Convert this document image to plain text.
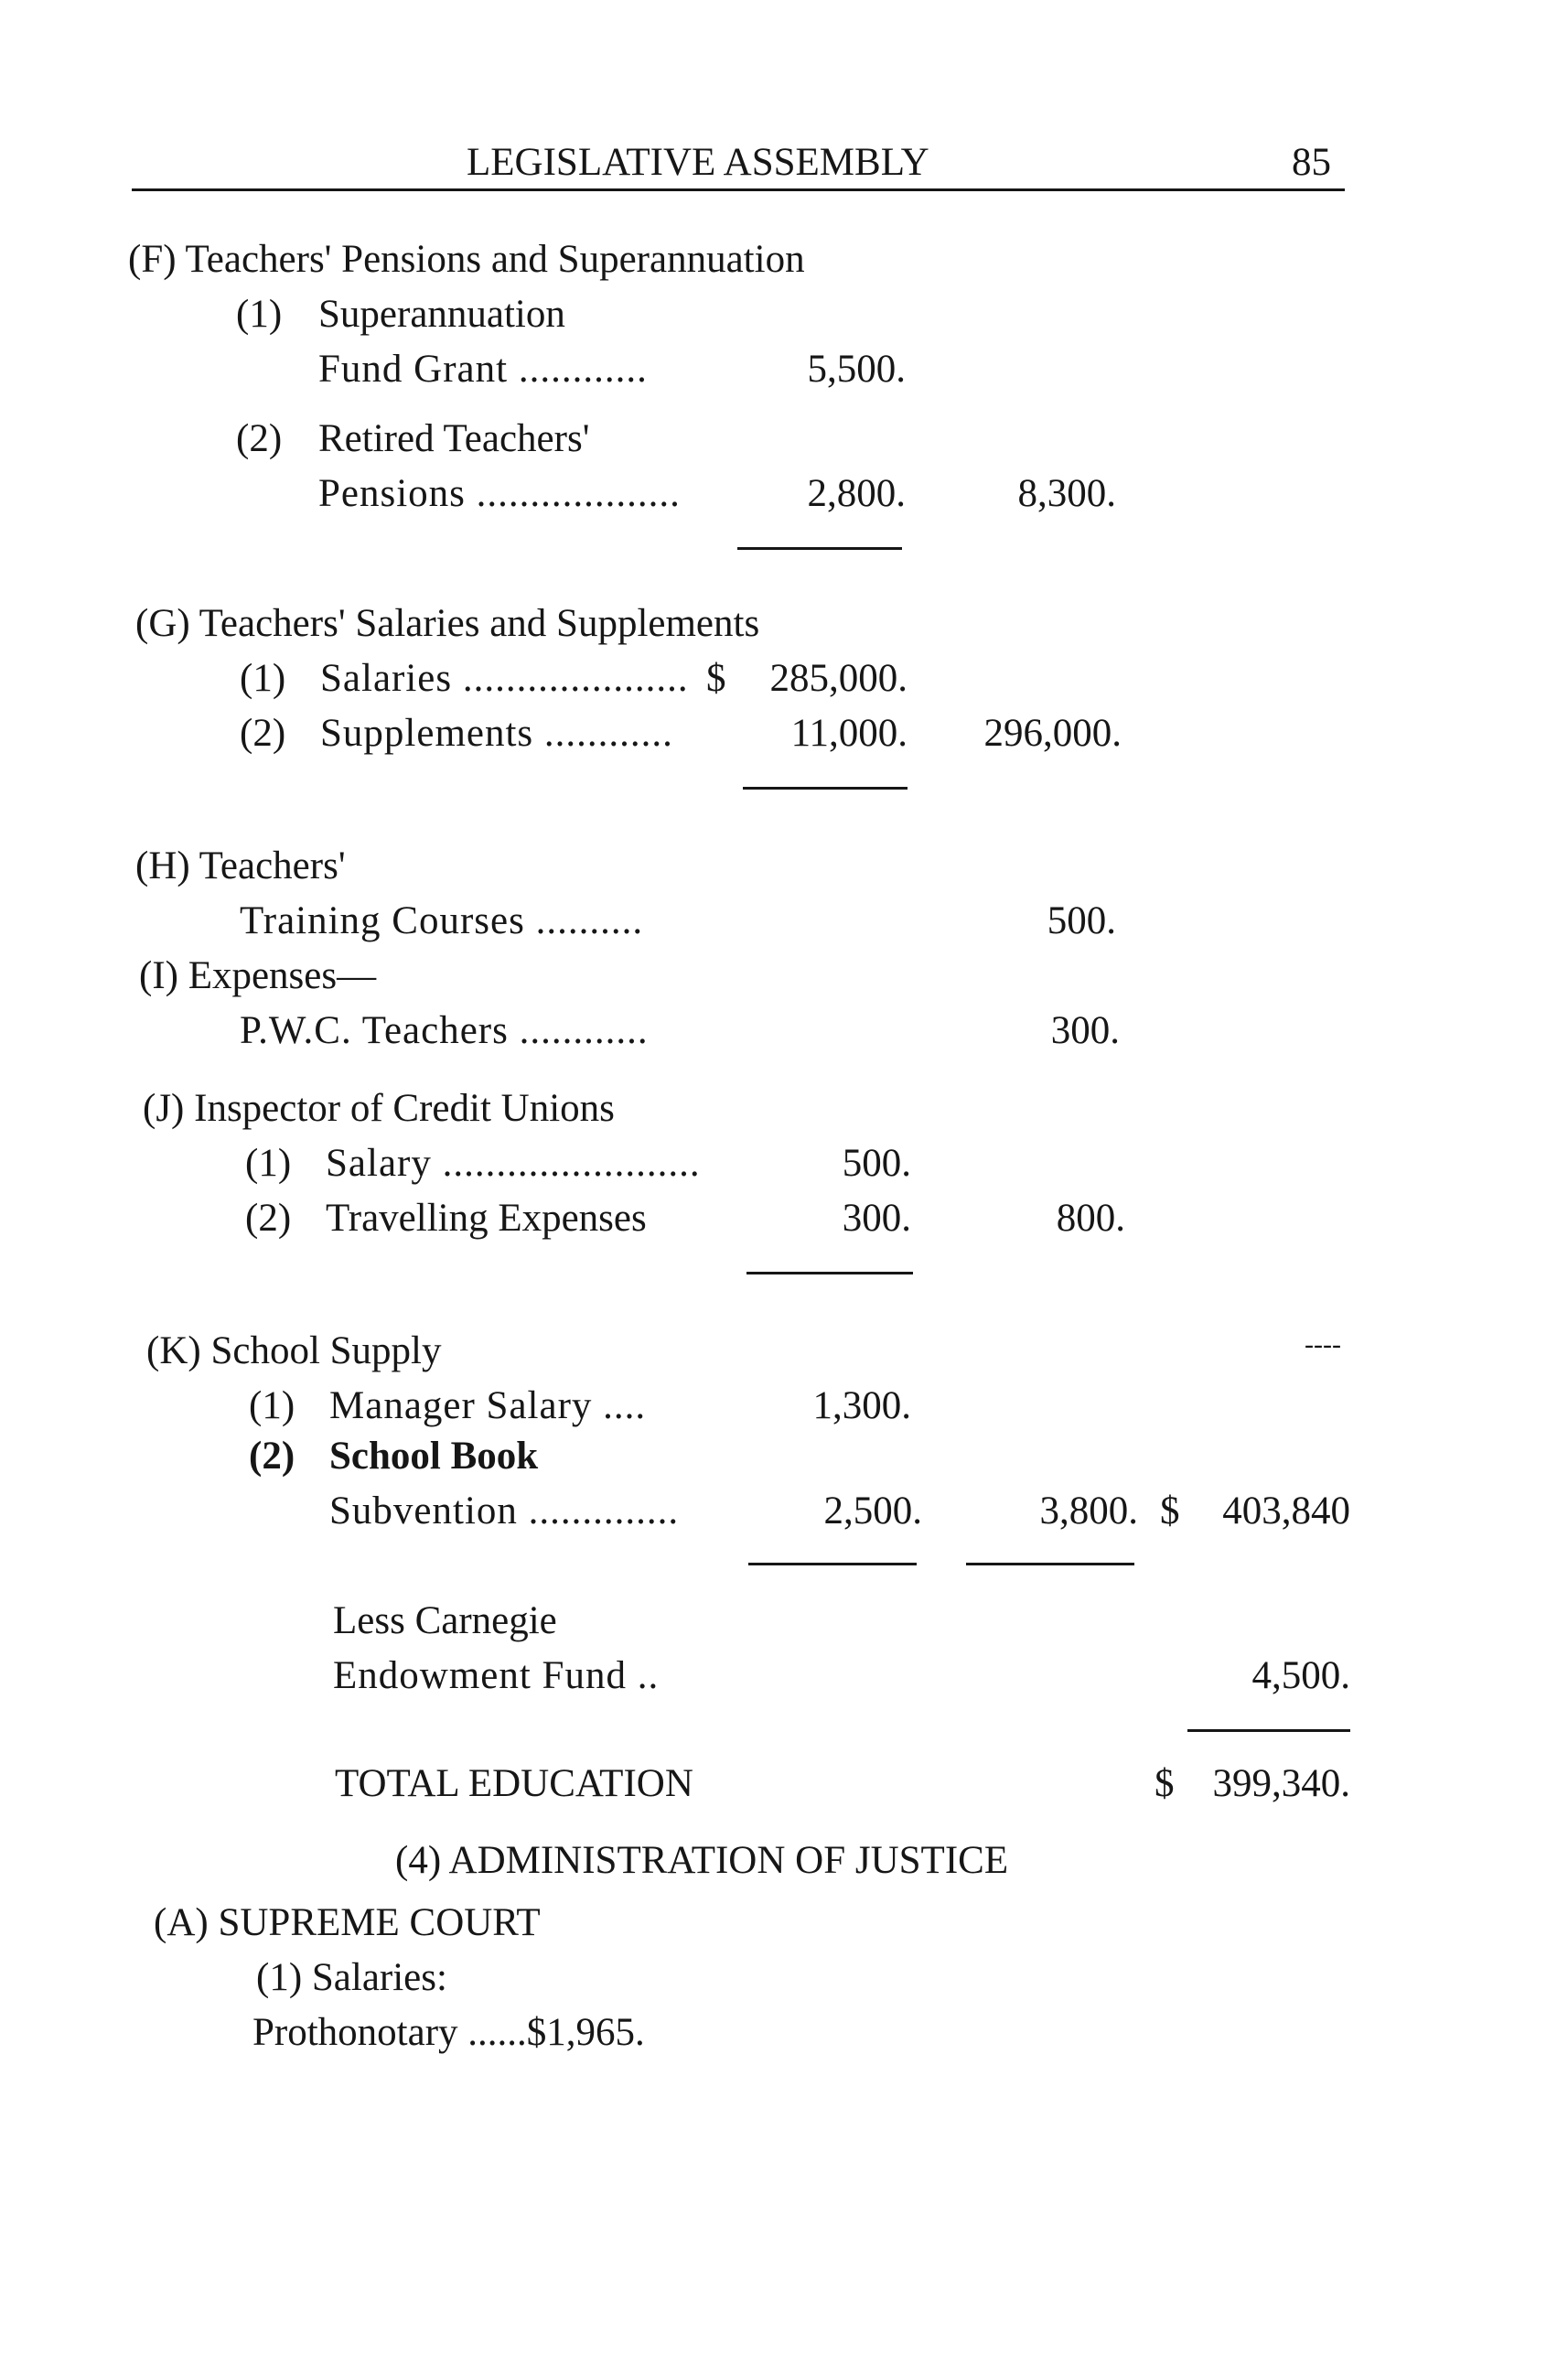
LEGISLATIVE ASSEMBLY	85
(F) Teachers' Pensions and Superannuation
(1) Superannuation
Fund Grant ............	5,500.
(2) Retired Teachers'
Pensions ...................	2,800.	8,300.
(G) Teachers' Salaries and Supplements
(1) Salaries ..................... $	285,000.
(2) Supplements ............	11,000.	296,000.
(H) Teachers'
Training Courses ..........	500.
(I) Expenses—
P.W.C. Teachers ............	300.
(J) Inspector of Credit Unions
(1) Salary ........................	500.
(2) Travelling Expenses	300.	800.
(K) School Supply	----
(1) Manager Salary ....	1,300.
(2) School Book
Subvention ..............	2,500.	3,800. $	403,840
Less Carnegie
Endowment Fund ..	4,500.
TOTAL EDUCATION	$ 399,340.
(4) ADMINISTRATION OF JUSTICE
(A) SUPREME COURT
(1) Salaries:
Prothonotary ......$1,965.
